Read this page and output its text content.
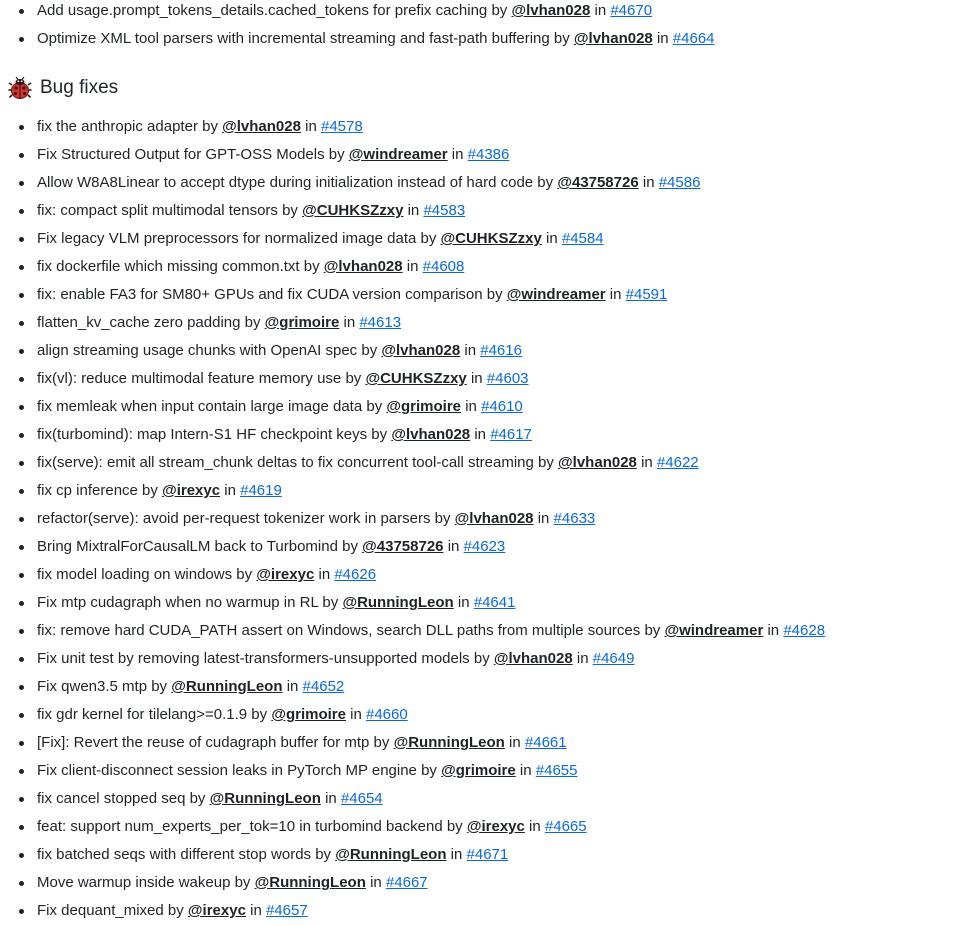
Add usage.prompt_tokens_details.cached_tokens for prefix caching by @lvhan028 in #4670
Optimize XML tool parsers with incremental streaming and fast-path buffering by @lvhan028 in #4664
Bug fixes
fix the anthropic adapter by @lvhan028 in #4578
Fix Structured Output for GPT-OSS Models by @windreamer in #4386
Allow W8A8Linear to accept dtype during initialization instead of hard code by @43758726 in #4586
fix: compact split multimodal tensors by @CUHKSZzxy in #4583
Fix legacy VLM preprocessors for normalized image data by @CUHKSZzxy in #4584
fix dockerfile which missing common.txt by @lvhan028 in #4608
fix: enable FA3 for SM80+ GPUs and fix CUDA version comparison by @windreamer in #4591
flatten_kv_cache zero padding by @grimoire in #4613
align streaming usage chunks with OpenAI spec by @lvhan028 in #4616
fix(vl): reduce multimodal feature memory use by @CUHKSZzxy in #4603
fix memleak when input contain large image data by @grimoire in #4610
fix(turbomind): map Intern-S1 HF checkpoint keys by @lvhan028 in #4617
fix(serve): emit all stream_chunk deltas to fix concurrent tool-call streaming by @lvhan028 in #4622
fix cp inference by @irexyc in #4619
refactor(serve): avoid per-request tokenizer work in parsers by @lvhan028 in #4633
Bring MixtralForCausalLM back to Turbomind by @43758726 in #4623
fix model loading on windows by @irexyc in #4626
Fix mtp cudagraph when no warmup in RL by @RunningLeon in #4641
fix: remove hard CUDA_PATH assert on Windows, search DLL paths from multiple sources by @windreamer in #4628
Fix unit test by removing latest-transformers-unsupported models by @lvhan028 in #4649
Fix qwen3.5 mtp by @RunningLeon in #4652
fix gdr kernel for tilelang>=0.1.9 by @grimoire in #4660
[Fix]: Revert the reuse of cudagraph buffer for mtp by @RunningLeon in #4661
Fix client-disconnect session leaks in PyTorch MP engine by @grimoire in #4655
fix cancel stopped seq by @RunningLeon in #4654
feat: support num_experts_per_tok=10 in turbomind backend by @irexyc in #4665
fix batched seqs with different stop words by @RunningLeon in #4671
Move warmup inside wakeup by @RunningLeon in #4667
Fix dequant_mixed by @irexyc in #4657
